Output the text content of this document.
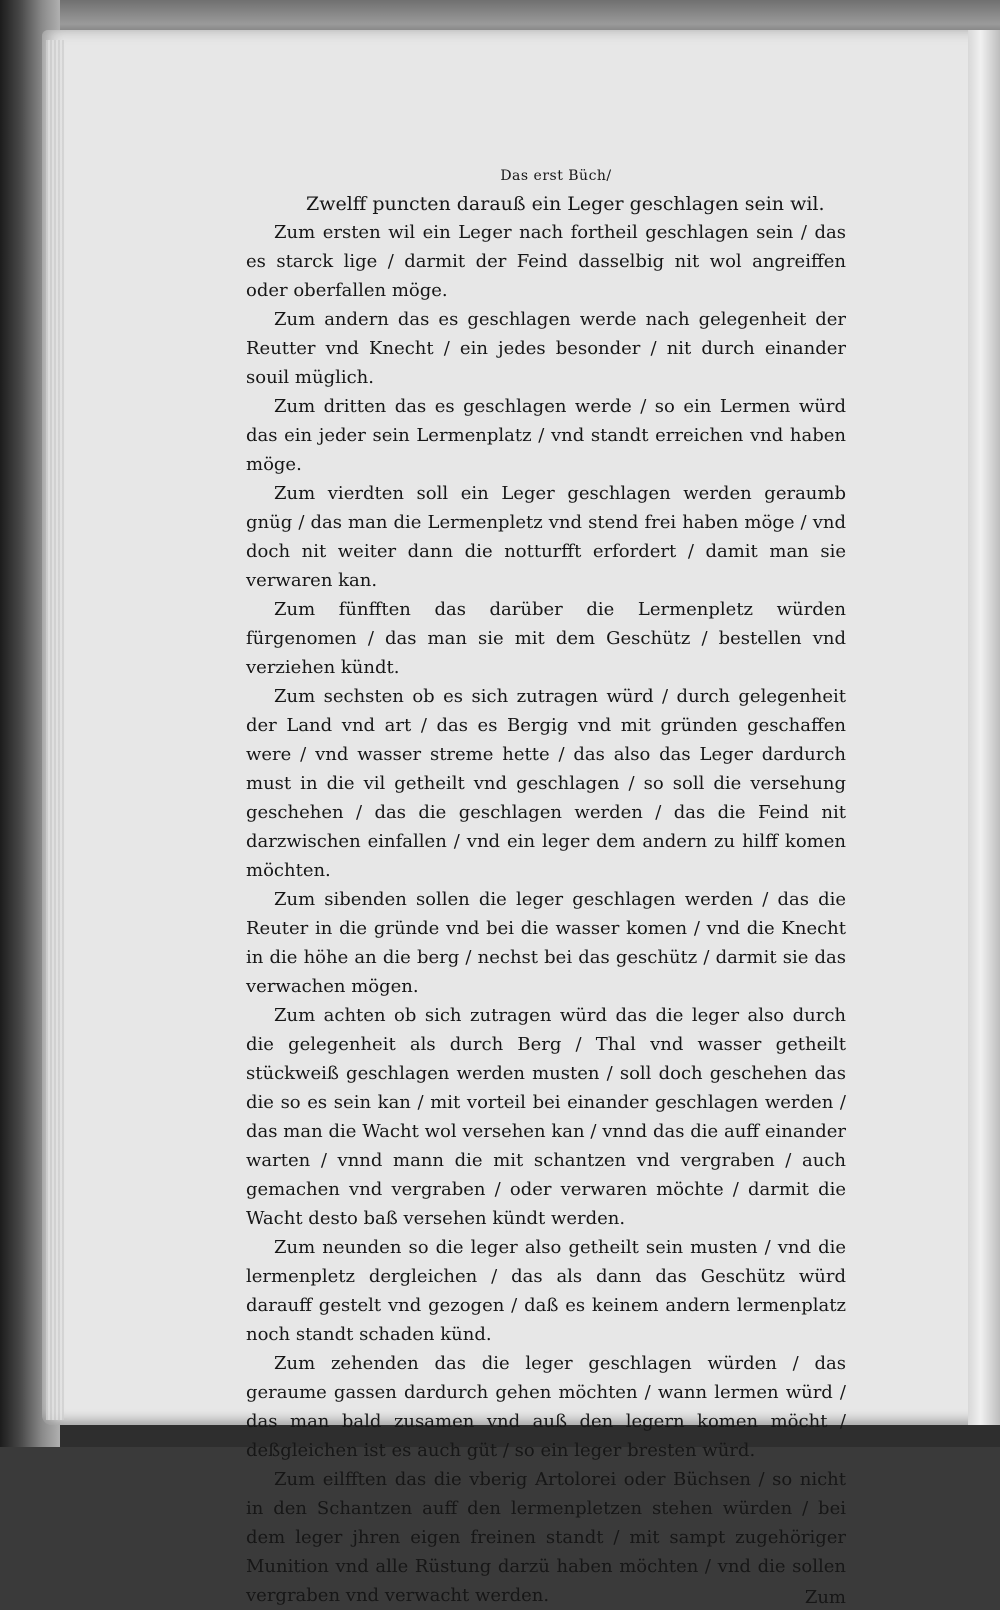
Das erst Büch/

Zwelff puncten darauß ein Leger geschlagen sein wil.

Zum ersten wil ein Leger nach fortheil geschlagen sein / das es starck lige / darmit der Feind dasselbig nit wol angreiffen oder oberfallen möge.

Zum andern das es geschlagen werde nach gelegenheit der Reutter vnd Knecht / ein jedes besonder / nit durch einander souil müglich.

Zum dritten das es geschlagen werde / so ein Lermen würd das ein jeder sein Lermenplatz / vnd standt erreichen vnd haben möge.

Zum vierdten soll ein Leger geschlagen werden geraumb gnüg / das man die Lermenpletz vnd stend frei haben möge / vnd doch nit weiter dann die notturfft erfordert / damit man sie verwaren kan.

Zum fünfften das darüber die Lermenpletz würden fürgenomen / das man sie mit dem Geschütz / bestellen vnd verziehen kündt.

Zum sechsten ob es sich zutragen würd / durch gelegenheit der Land vnd art / das es Bergig vnd mit gründen geschaffen were / vnd wasser streme hette / das also das Leger dardurch must in die vil getheilt vnd geschlagen / so soll die versehung geschehen / das die geschlagen werden / das die Feind nit darzwischen einfallen / vnd ein leger dem andern zu hilff komen möchten.

Zum sibenden sollen die leger geschlagen werden / das die Reuter in die gründe vnd bei die wasser komen / vnd die Knecht in die höhe an die berg / nechst bei das geschütz / darmit sie das verwachen mögen.

Zum achten ob sich zutragen würd das die leger also durch die gelegenheit als durch Berg / Thal vnd wasser getheilt stückweiß geschlagen werden musten / soll doch geschehen das die so es sein kan / mit vorteil bei einander geschlagen werden / das man die Wacht wol versehen kan / vnnd das die auff einander warten / vnnd mann die mit schantzen vnd vergraben / auch gemachen vnd vergraben / oder verwaren möchte / darmit die Wacht desto baß versehen kündt werden.

Zum neunden so die leger also getheilt sein musten / vnd die lermenpletz dergleichen / das als dann das Geschütz würd darauff gestelt vnd gezogen / daß es keinem andern lermenplatz noch standt schaden künd.

Zum zehenden das die leger geschlagen würden / das geraume gassen dardurch gehen möchten / wann lermen würd / das man bald zusamen vnd auß den legern komen möcht / deßgleichen ist es auch güt / so ein leger bresten würd.

Zum eilfften das die vberig Artolorei oder Büchsen / so nicht in den Schantzen auff den lermenpletzen stehen würden / bei dem leger jhren eigen freinen standt / mit sampt zugehöriger Munition vnd alle Rüstung darzü haben möchten / vnd die sollen vergraben vnd verwacht werden.	Zum
